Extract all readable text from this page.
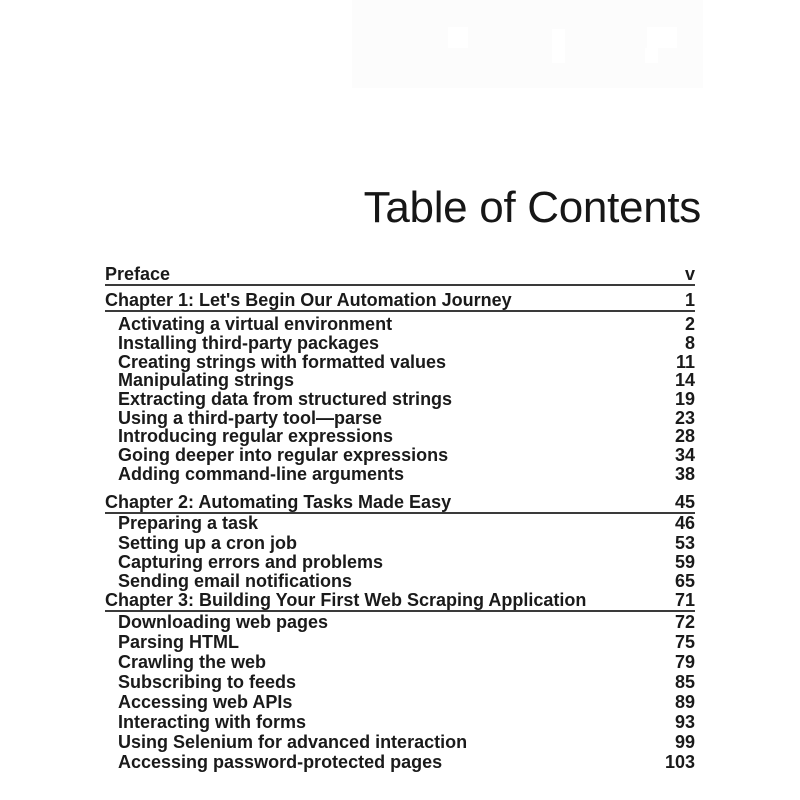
Table of Contents
Preface	v
Chapter 1: Let's Begin Our Automation Journey	1
Activating a virtual environment	2
Installing third-party packages	8
Creating strings with formatted values	11
Manipulating strings	14
Extracting data from structured strings	19
Using a third-party tool—parse	23
Introducing regular expressions	28
Going deeper into regular expressions	34
Adding command-line arguments	38
Chapter 2: Automating Tasks Made Easy	45
Preparing a task	46
Setting up a cron job	53
Capturing errors and problems	59
Sending email notifications	65
Chapter 3: Building Your First Web Scraping Application	71
Downloading web pages	72
Parsing HTML	75
Crawling the web	79
Subscribing to feeds	85
Accessing web APIs	89
Interacting with forms	93
Using Selenium for advanced interaction	99
Accessing password-protected pages	103
